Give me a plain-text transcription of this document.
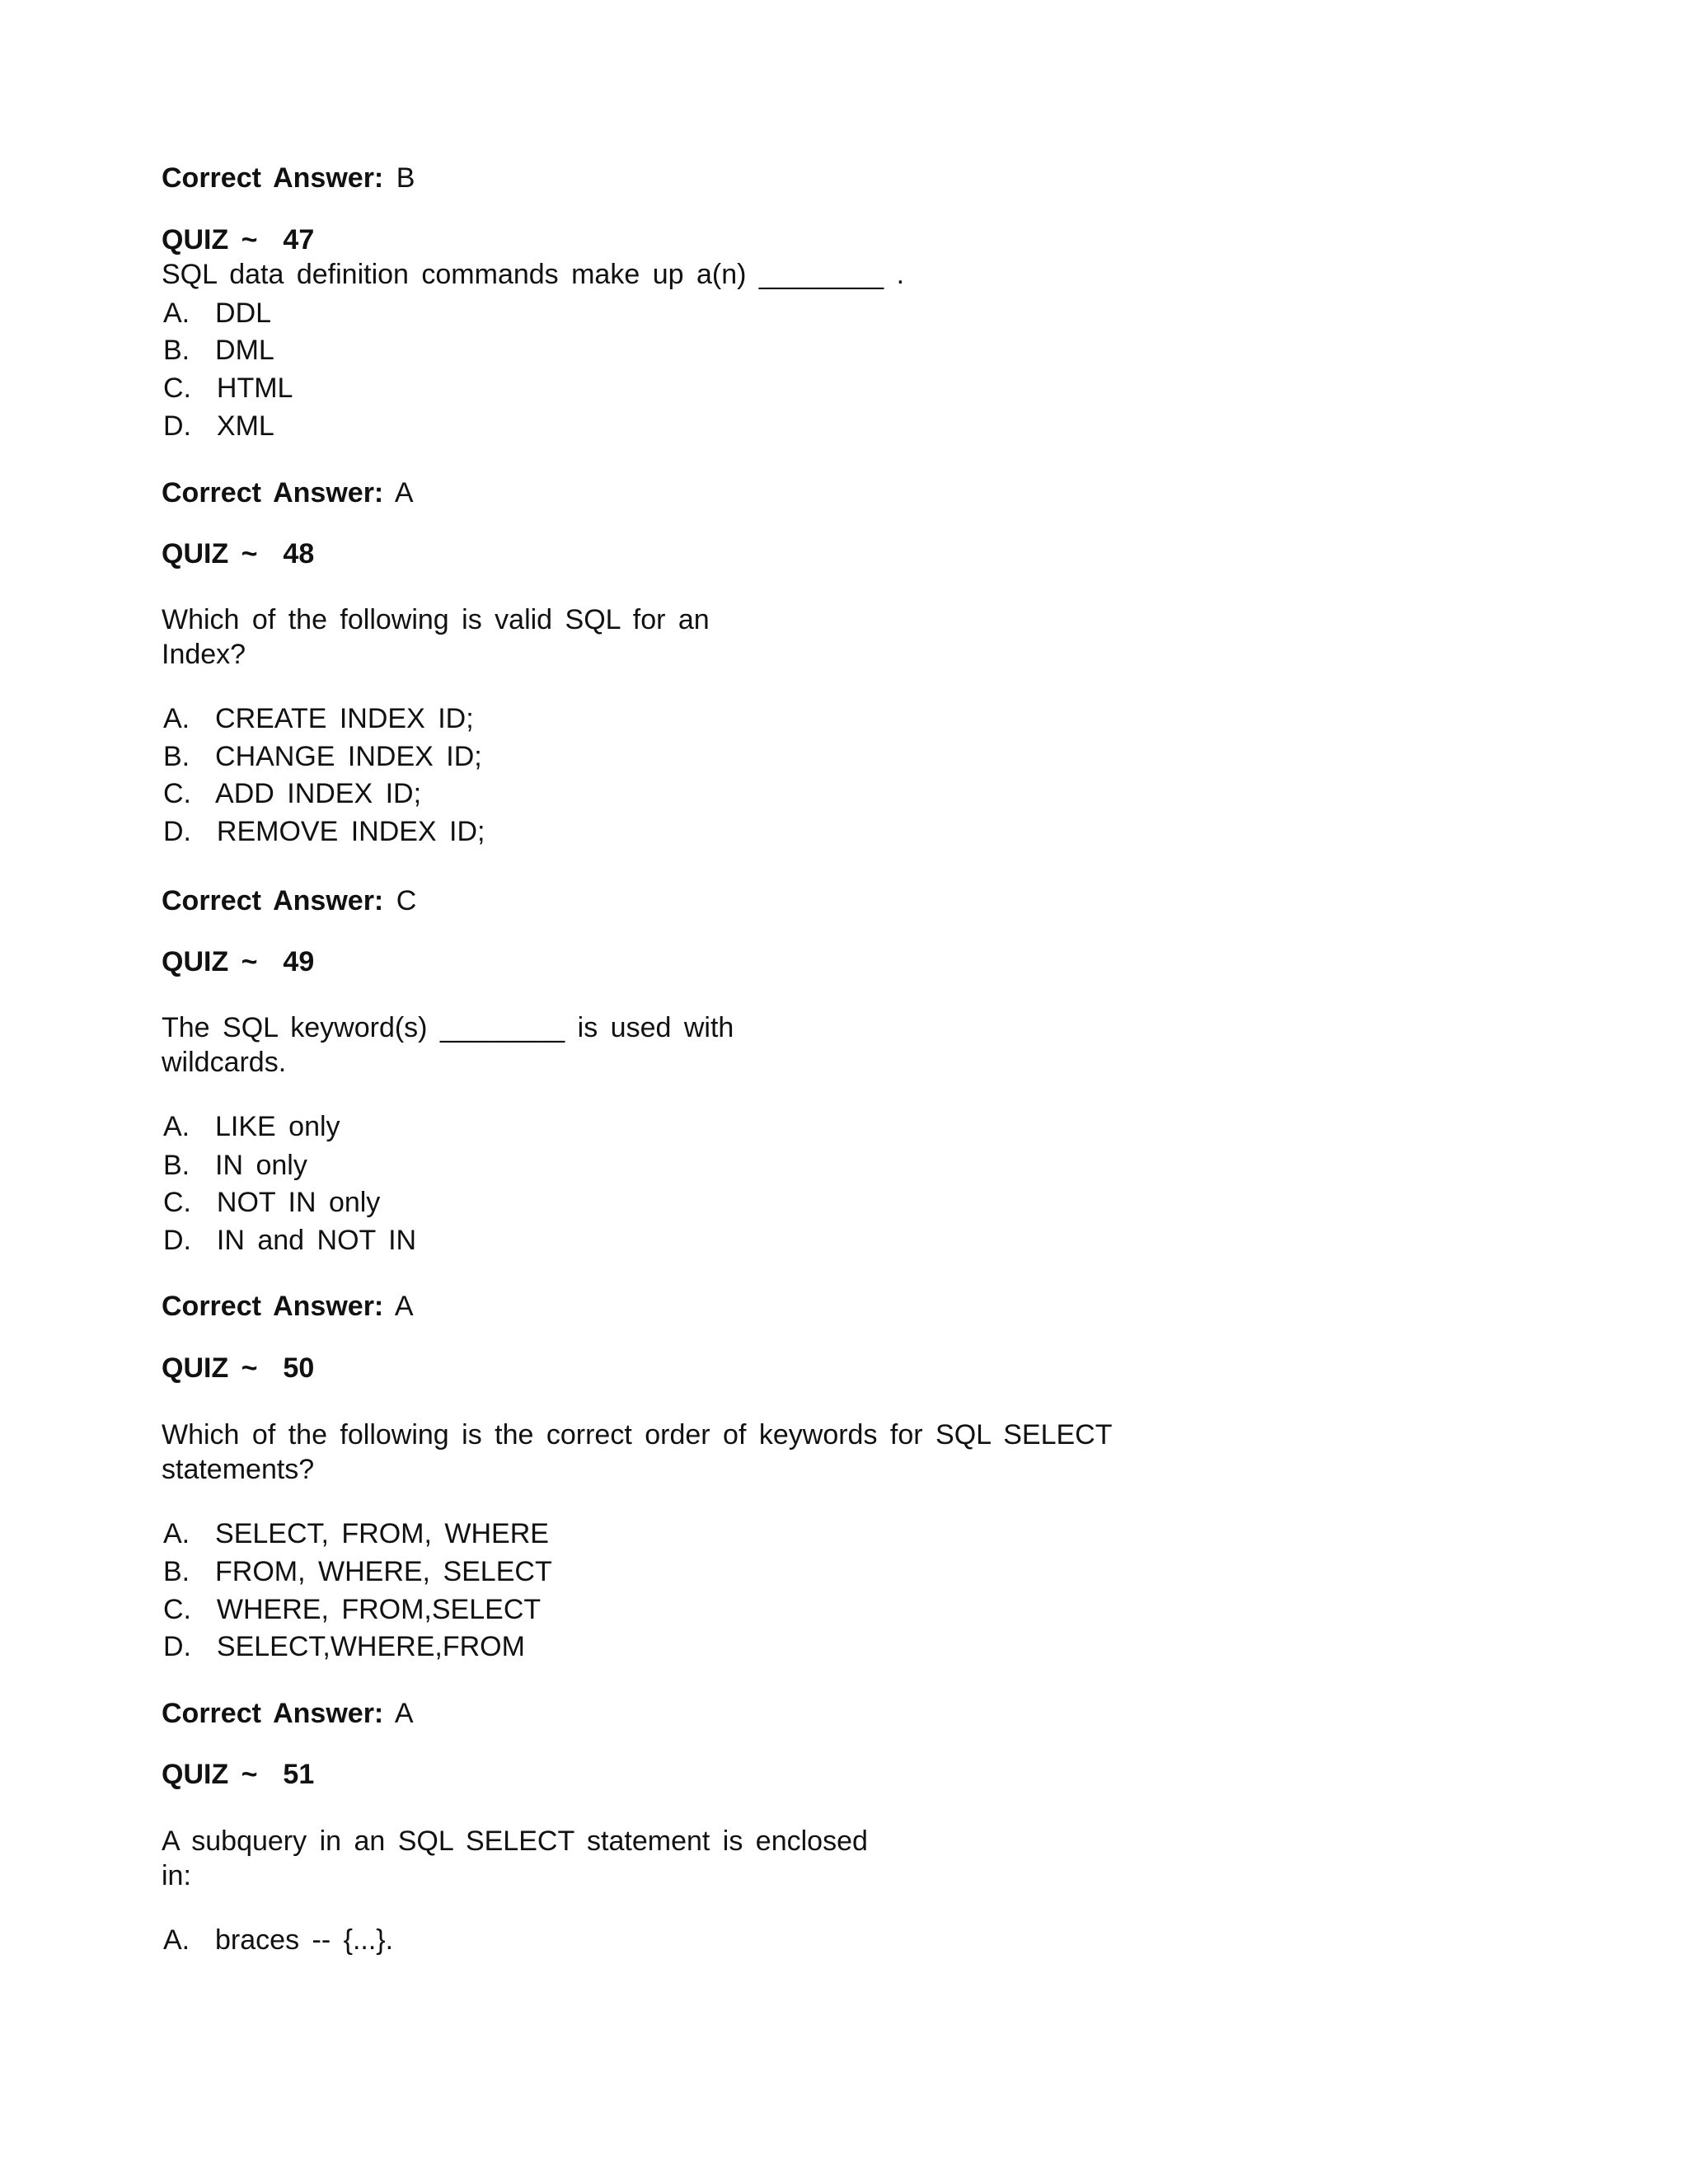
Correct Answer: B
QUIZ ~  47
SQL data definition commands make up a(n) ________ .
A.  DDL
B.  DML
C.  HTML
D.  XML
Correct Answer: A
QUIZ ~  48
Which of the following is valid SQL for an
Index?
A.  CREATE INDEX ID;
B.  CHANGE INDEX ID;
C.  ADD INDEX ID;
D.  REMOVE INDEX ID;
Correct Answer: C
QUIZ ~  49
The SQL keyword(s) ________ is used with
wildcards.
A.  LIKE only
B.  IN only
C.  NOT IN only
D.  IN and NOT IN
Correct Answer: A
QUIZ ~  50
Which of the following is the correct order of keywords for SQL SELECT
statements?
A.  SELECT, FROM, WHERE
B.  FROM, WHERE, SELECT
C.  WHERE, FROM,SELECT
D.  SELECT,WHERE,FROM
Correct Answer: A
QUIZ ~  51
A subquery in an SQL SELECT statement is enclosed
in:
A.  braces -- {...}.
